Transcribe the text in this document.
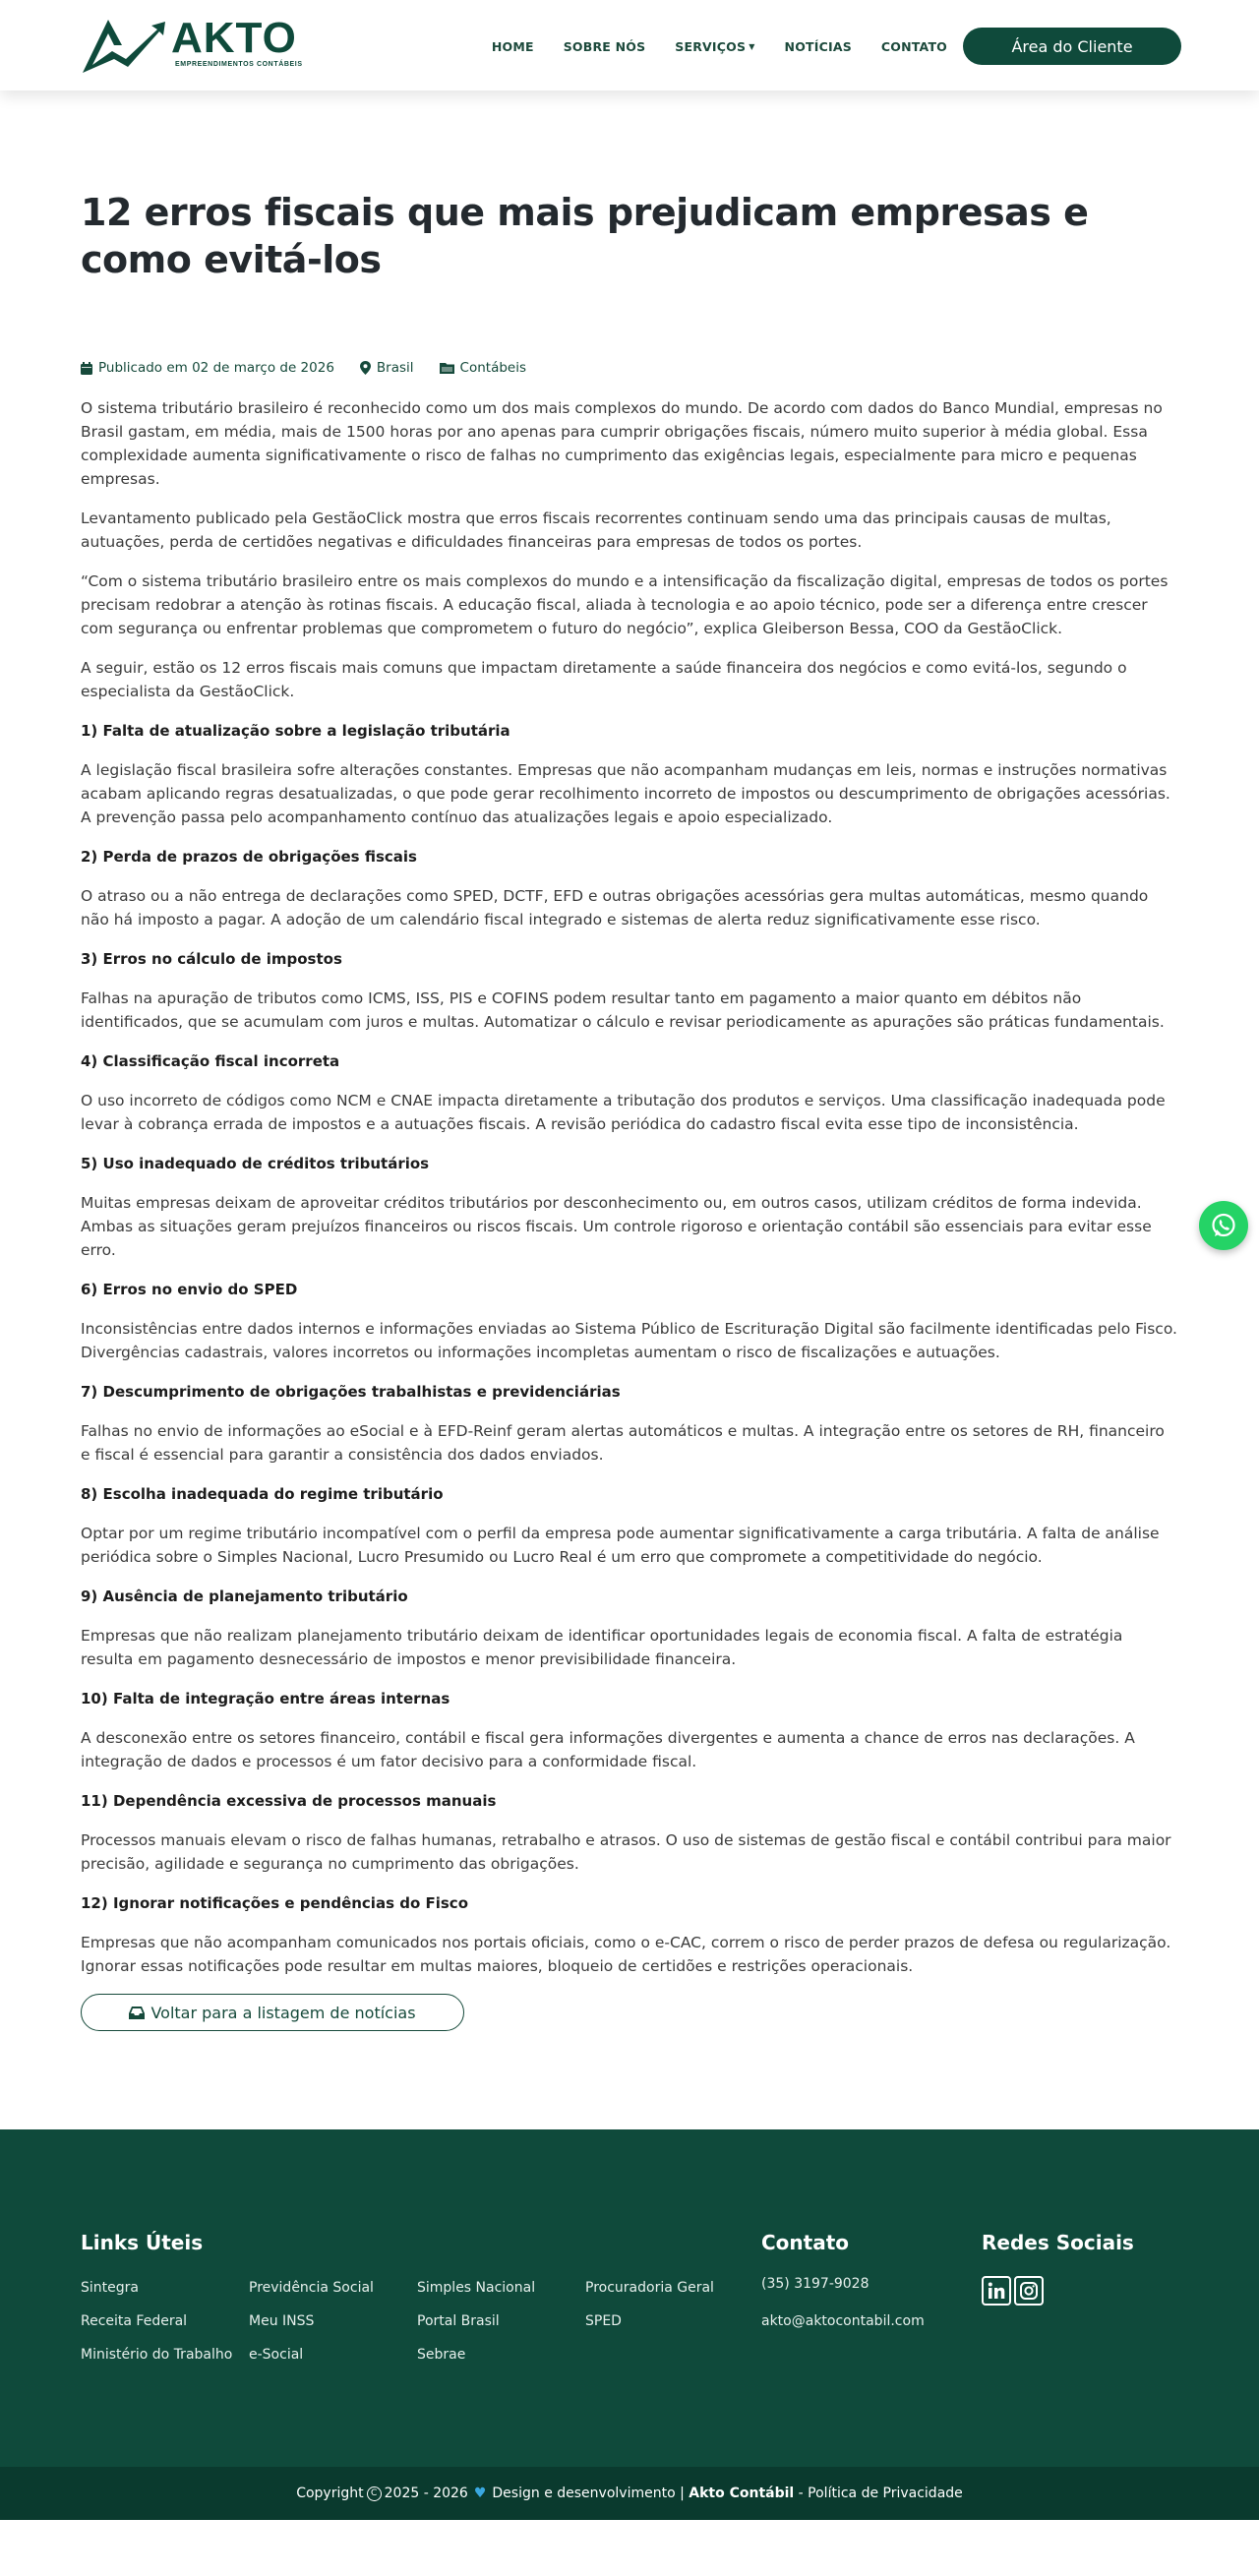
AKTO
EMPREENDIMENTOS CONTÁBEIS
HOME SOBRE NÓS SERVIÇOS ▼ NOTÍCIAS CONTATO	Área do Cliente
12 erros fiscais que mais prejudicam empresas e como evitá-los
Publicado em 02 de março de 2026	Brasil	Contábeis

O sistema tributário brasileiro é reconhecido como um dos mais complexos do mundo. De acordo com dados do Banco Mundial, empresas no Brasil gastam, em média, mais de 1500 horas por ano apenas para cumprir obrigações fiscais, número muito superior à média global. Essa complexidade aumenta significativamente o risco de falhas no cumprimento das exigências legais, especialmente para micro e pequenas empresas.

Levantamento publicado pela GestãoClick mostra que erros fiscais recorrentes continuam sendo uma das principais causas de multas, autuações, perda de certidões negativas e dificuldades financeiras para empresas de todos os portes.

“Com o sistema tributário brasileiro entre os mais complexos do mundo e a intensificação da fiscalização digital, empresas de todos os portes precisam redobrar a atenção às rotinas fiscais. A educação fiscal, aliada à tecnologia e ao apoio técnico, pode ser a diferença entre crescer com segurança ou enfrentar problemas que comprometem o futuro do negócio”, explica Gleiberson Bessa, COO da GestãoClick.

A seguir, estão os 12 erros fiscais mais comuns que impactam diretamente a saúde financeira dos negócios e como evitá-los, segundo o especialista da GestãoClick.

1) Falta de atualização sobre a legislação tributária

A legislação fiscal brasileira sofre alterações constantes. Empresas que não acompanham mudanças em leis, normas e instruções normativas acabam aplicando regras desatualizadas, o que pode gerar recolhimento incorreto de impostos ou descumprimento de obrigações acessórias. A prevenção passa pelo acompanhamento contínuo das atualizações legais e apoio especializado.

2) Perda de prazos de obrigações fiscais

O atraso ou a não entrega de declarações como SPED, DCTF, EFD e outras obrigações acessórias gera multas automáticas, mesmo quando não há imposto a pagar. A adoção de um calendário fiscal integrado e sistemas de alerta reduz significativamente esse risco.

3) Erros no cálculo de impostos

Falhas na apuração de tributos como ICMS, ISS, PIS e COFINS podem resultar tanto em pagamento a maior quanto em débitos não identificados, que se acumulam com juros e multas. Automatizar o cálculo e revisar periodicamente as apurações são práticas fundamentais.

4) Classificação fiscal incorreta

O uso incorreto de códigos como NCM e CNAE impacta diretamente a tributação dos produtos e serviços. Uma classificação inadequada pode levar à cobrança errada de impostos e a autuações fiscais. A revisão periódica do cadastro fiscal evita esse tipo de inconsistência.

5) Uso inadequado de créditos tributários

Muitas empresas deixam de aproveitar créditos tributários por desconhecimento ou, em outros casos, utilizam créditos de forma indevida. Ambas as situações geram prejuízos financeiros ou riscos fiscais. Um controle rigoroso e orientação contábil são essenciais para evitar esse erro.

6) Erros no envio do SPED

Inconsistências entre dados internos e informações enviadas ao Sistema Público de Escrituração Digital são facilmente identificadas pelo Fisco. Divergências cadastrais, valores incorretos ou informações incompletas aumentam o risco de fiscalizações e autuações.

7) Descumprimento de obrigações trabalhistas e previdenciárias

Falhas no envio de informações ao eSocial e à EFD-Reinf geram alertas automáticos e multas. A integração entre os setores de RH, financeiro e fiscal é essencial para garantir a consistência dos dados enviados.

8) Escolha inadequada do regime tributário

Optar por um regime tributário incompatível com o perfil da empresa pode aumentar significativamente a carga tributária. A falta de análise periódica sobre o Simples Nacional, Lucro Presumido ou Lucro Real é um erro que compromete a competitividade do negócio.

9) Ausência de planejamento tributário

Empresas que não realizam planejamento tributário deixam de identificar oportunidades legais de economia fiscal. A falta de estratégia resulta em pagamento desnecessário de impostos e menor previsibilidade financeira.

10) Falta de integração entre áreas internas

A desconexão entre os setores financeiro, contábil e fiscal gera informações divergentes e aumenta a chance de erros nas declarações. A integração de dados e processos é um fator decisivo para a conformidade fiscal.

11) Dependência excessiva de processos manuais

Processos manuais elevam o risco de falhas humanas, retrabalho e atrasos. O uso de sistemas de gestão fiscal e contábil contribui para maior precisão, agilidade e segurança no cumprimento das obrigações.

12) Ignorar notificações e pendências do Fisco

Empresas que não acompanham comunicados nos portais oficiais, como o e-CAC, correm o risco de perder prazos de defesa ou regularização. Ignorar essas notificações pode resultar em multas maiores, bloqueio de certidões e restrições operacionais.

Voltar para a listagem de notícias
Links Úteis
Sintegra	Previdência Social	Simples Nacional	Procuradoria Geral
Receita Federal	Meu INSS	Portal Brasil	SPED
Ministério do Trabalho	e-Social	Sebrae
Contato
(35) 3197-9028
akto@aktocontabil.com
Redes Sociais
Copyright C 2025 - 2026 ♥ Design e desenvolvimento |
Akto Contábil
- Política de Privacidade
